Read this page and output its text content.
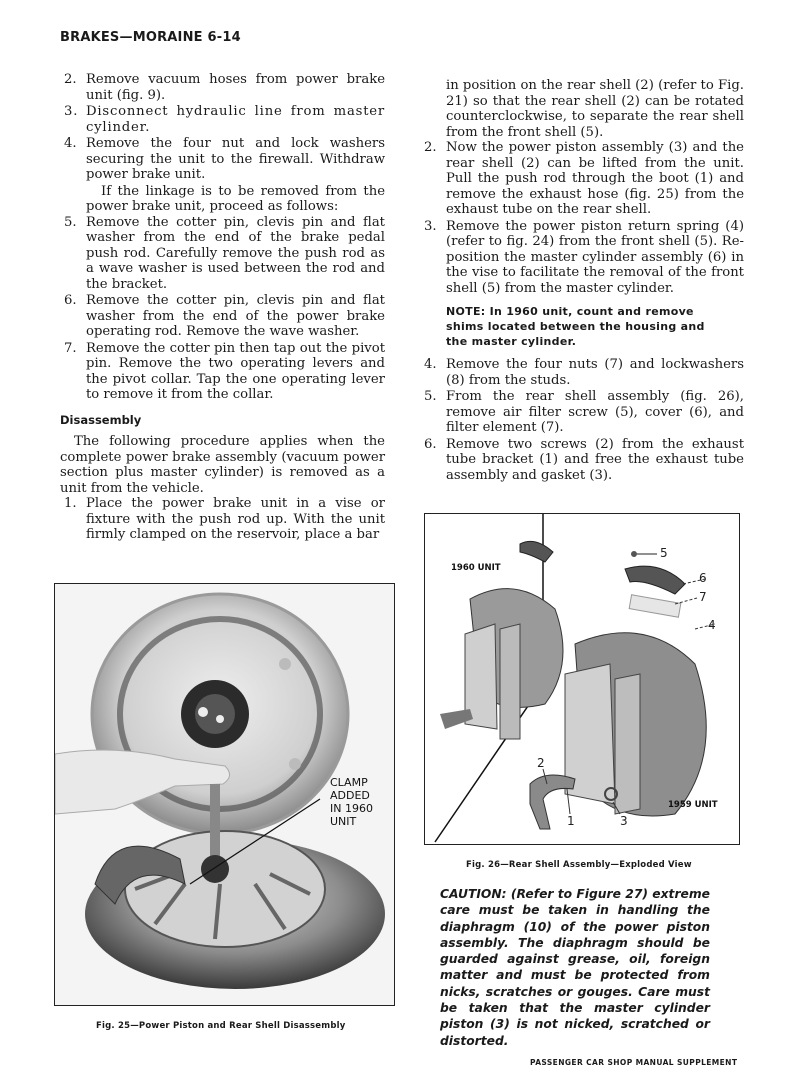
BRAKES—MORAINE 6-14
2. Remove vacuum hoses from power brake unit (fig. 9).
3. Disconnect hydraulic line from master cylinder.
4. Remove the four nut and lock washers securing the unit to the firewall. Withdraw power brake unit.
If the linkage is to be removed from the power brake unit, proceed as follows:
5. Remove the cotter pin, clevis pin and flat washer from the end of the brake pedal push rod. Carefully remove the push rod as a wave washer is used between the rod and the bracket.
6. Remove the cotter pin, clevis pin and flat washer from the end of the power brake operating rod. Remove the wave washer.
7. Remove the cotter pin then tap out the pivot pin. Remove the two operating levers and the pivot collar. Tap the one operating lever to remove it from the collar.
Disassembly
The following procedure applies when the complete power brake assembly (vacuum power section plus master cylinder) is removed as a unit from the vehicle.
1. Place the power brake unit in a vise or fixture with the push rod up. With the unit firmly clamped on the reservoir, place a bar
in position on the rear shell (2) (refer to Fig. 21) so that the rear shell (2) can be rotated counterclockwise, to separate the rear shell from the front shell (5).
2. Now the power piston assembly (3) and the rear shell (2) can be lifted from the unit. Pull the push rod through the boot (1) and remove the exhaust hose (fig. 25) from the exhaust tube on the rear shell.
3. Remove the power piston return spring (4) (refer to fig. 24) from the front shell (5). Re-position the master cylinder assembly (6) in the vise to facilitate the removal of the front shell (5) from the master cylinder.
NOTE: In 1960 unit, count and remove shims located between the housing and the master cylinder.
4. Remove the four nuts (7) and lockwashers (8) from the studs.
5. From the rear shell assembly (fig. 26), remove air filter screw (5), cover (6), and filter element (7).
6. Remove two screws (2) from the exhaust tube bracket (1) and free the exhaust tube assembly and gasket (3).
CLAMP
ADDED
IN 1960
UNIT
Fig. 25—Power Piston and Rear Shell Disassembly
1960 UNIT
1959 UNIT
5
6
7
4
2
1	3
Fig. 26—Rear Shell Assembly—Exploded View
CAUTION: (Refer to Figure 27) extreme care must be taken in handling the diaphragm (10) of the power piston assembly. The diaphragm should be guarded against grease, oil, foreign matter and must be protected from nicks, scratches or gouges. Care must be taken that the master cylinder piston (3) is not nicked, scratched or distorted.
PASSENGER CAR SHOP MANUAL SUPPLEMENT
